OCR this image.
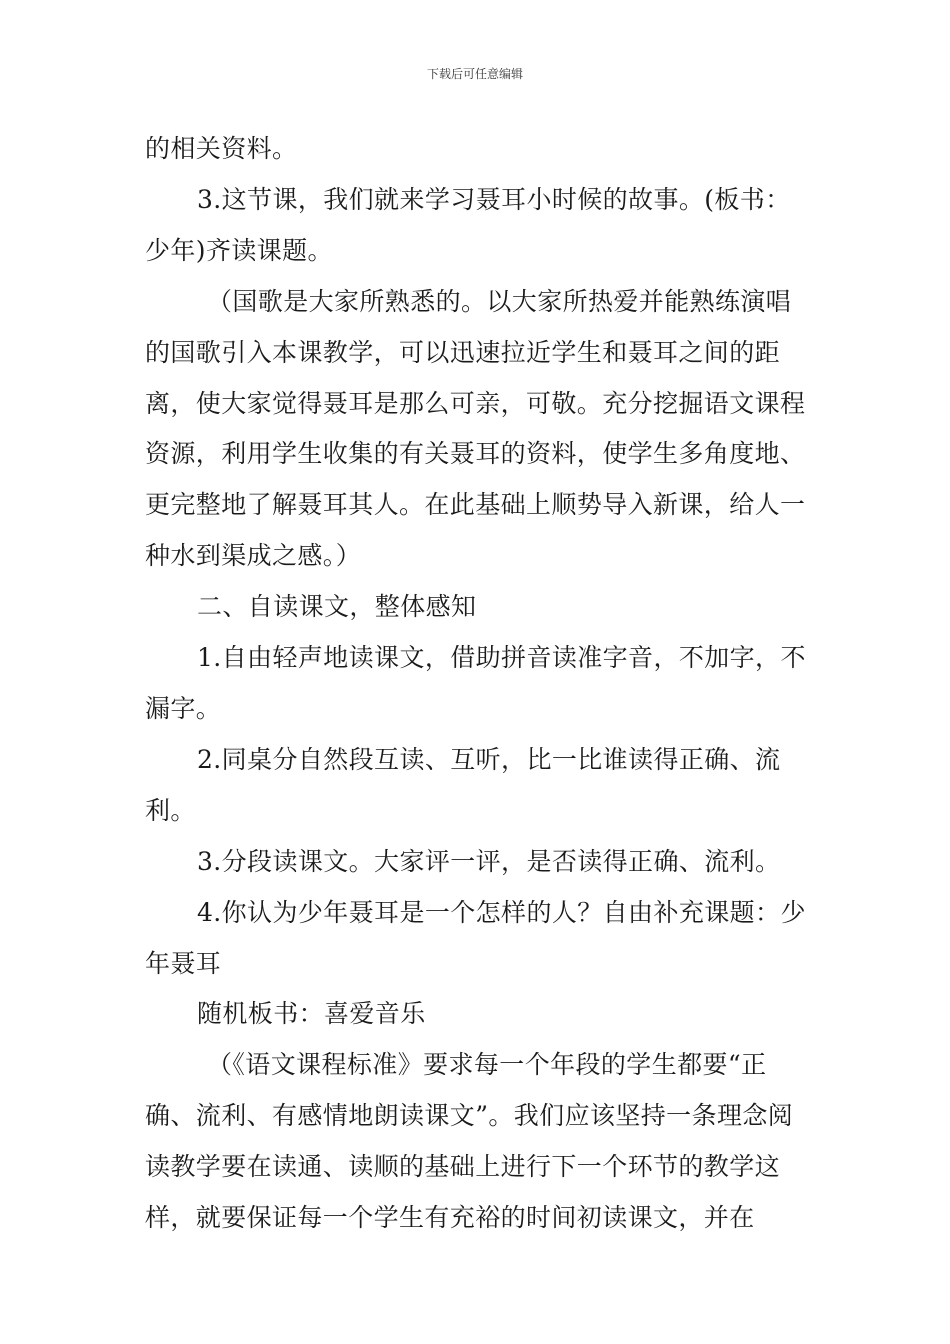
下载后可任意编辑

的相关资料。

3.这节课，我们就来学习聂耳小时候的故事。(板书：少年)齐读课题。

（国歌是大家所熟悉的。以大家所热爱并能熟练演唱的国歌引入本课教学，可以迅速拉近学生和聂耳之间的距离，使大家觉得聂耳是那么可亲，可敬。充分挖掘语文课程资源，利用学生收集的有关聂耳的资料，使学生多角度地、更完整地了解聂耳其人。在此基础上顺势导入新课，给人一种水到渠成之感。）

二、自读课文，整体感知

1.自由轻声地读课文，借助拼音读准字音，不加字，不漏字。

2.同桌分自然段互读、互听，比一比谁读得正确、流利。

3.分段读课文。大家评一评，是否读得正确、流利。

4.你认为少年聂耳是一个怎样的人？自由补充课题：少年聂耳

随机板书：喜爱音乐

（《语文课程标准》要求每一个年段的学生都要“正确、流利、有感情地朗读课文”。我们应该坚持一条理念阅读教学要在读通、读顺的基础上进行下一个环节的教学这样，就要保证每一个学生有充裕的时间初读课文，并在
